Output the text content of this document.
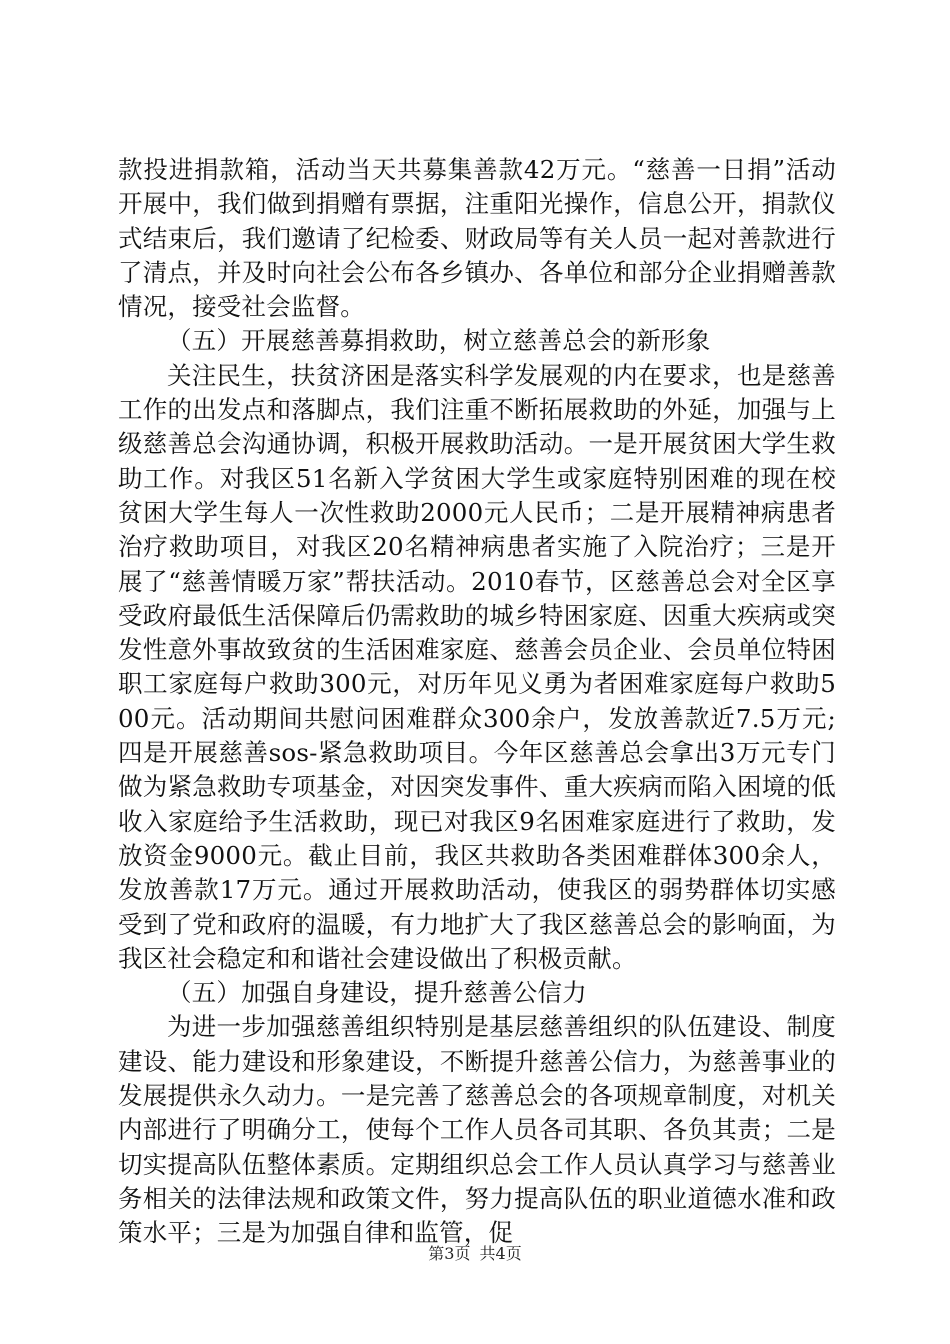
款投进捐款箱，活动当天共募集善款42万元。“慈善一日捐”活动开展中，我们做到捐赠有票据，注重阳光操作，信息公开，捐款仪式结束后，我们邀请了纪检委、财政局等有关人员一起对善款进行了清点，并及时向社会公布各乡镇办、各单位和部分企业捐赠善款情况，接受社会监督。

（五）开展慈善募捐救助，树立慈善总会的新形象

关注民生，扶贫济困是落实科学发展观的内在要求，也是慈善工作的出发点和落脚点，我们注重不断拓展救助的外延，加强与上级慈善总会沟通协调，积极开展救助活动。一是开展贫困大学生救助工作。对我区51名新入学贫困大学生或家庭特别困难的现在校贫困大学生每人一次性救助2000元人民币；二是开展精神病患者治疗救助项目，对我区20名精神病患者实施了入院治疗；三是开展了“慈善情暖万家”帮扶活动。2010春节，区慈善总会对全区享受政府最低生活保障后仍需救助的城乡特困家庭、因重大疾病或突发性意外事故致贫的生活困难家庭、慈善会员企业、会员单位特困职工家庭每户救助300元，对历年见义勇为者困难家庭每户救助500元。活动期间共慰问困难群众300余户，发放善款近7.5万元;四是开展慈善sos-紧急救助项目。今年区慈善总会拿出3万元专门做为紧急救助专项基金，对因突发事件、重大疾病而陷入困境的低收入家庭给予生活救助，现已对我区9名困难家庭进行了救助，发放资金9000元。截止目前，我区共救助各类困难群体300余人，发放善款17万元。通过开展救助活动，使我区的弱势群体切实感受到了党和政府的温暖，有力地扩大了我区慈善总会的影响面，为我区社会稳定和和谐社会建设做出了积极贡献。

（五）加强自身建设，提升慈善公信力

为进一步加强慈善组织特别是基层慈善组织的队伍建设、制度建设、能力建设和形象建设，不断提升慈善公信力，为慈善事业的发展提供永久动力。一是完善了慈善总会的各项规章制度，对机关内部进行了明确分工，使每个工作人员各司其职、各负其责；二是切实提高队伍整体素质。定期组织总会工作人员认真学习与慈善业务相关的法律法规和政策文件，努力提高队伍的职业道德水准和政策水平；三是为加强自律和监管，促

第3页 共4页
